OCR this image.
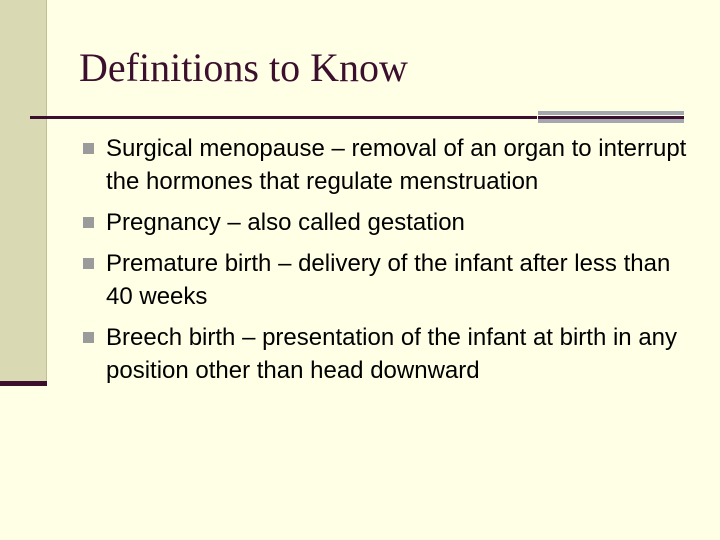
Definitions to Know
Surgical menopause – removal of an organ to interrupt the hormones that regulate menstruation
Pregnancy – also called gestation
Premature birth – delivery of the infant after less than 40 weeks
Breech birth – presentation of the infant at birth in any position other than head downward
